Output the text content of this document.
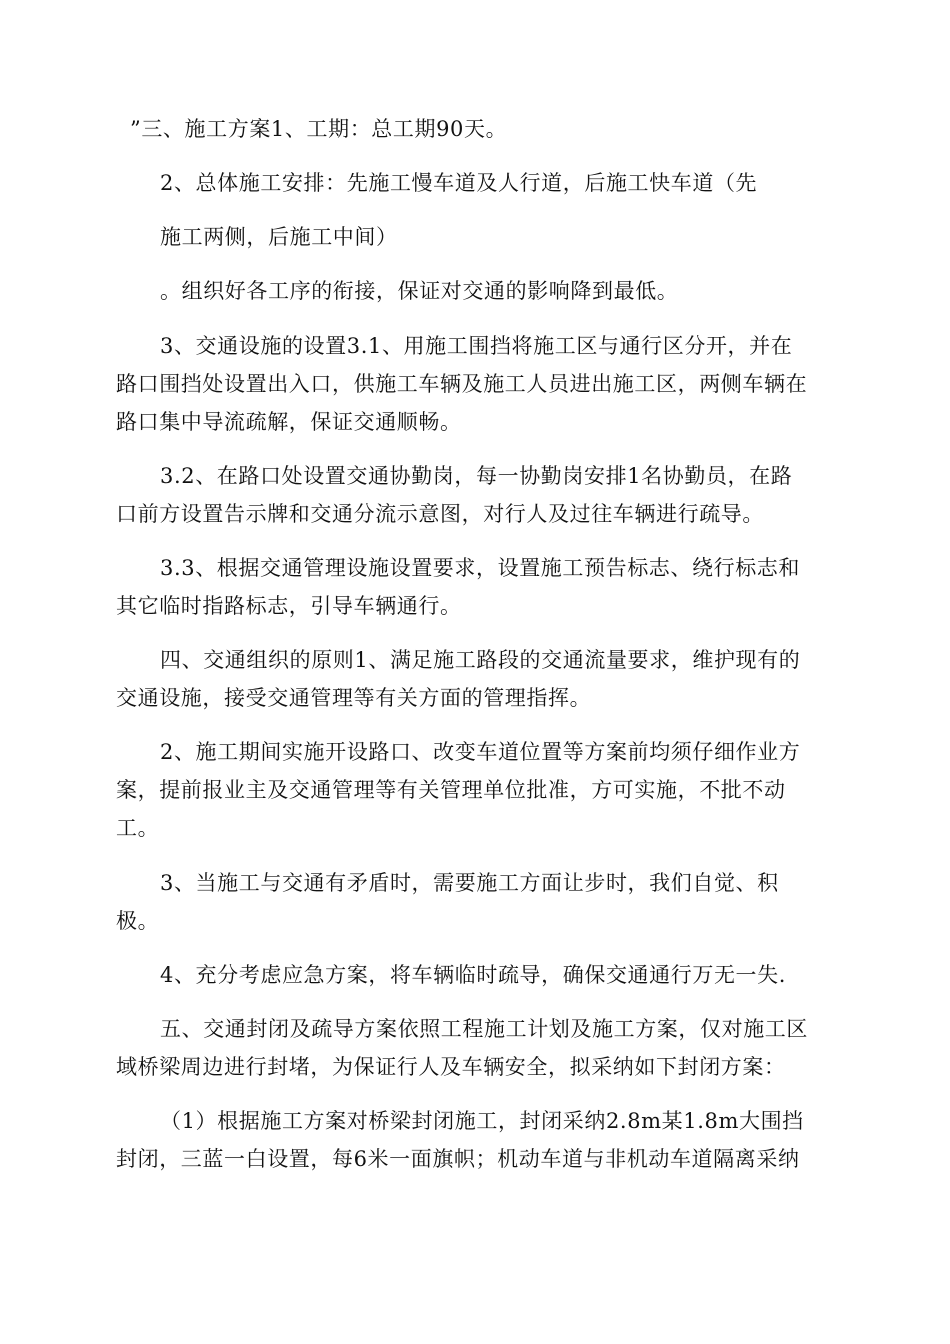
”三、施工方案1、工期：总工期90天。
2、总体施工安排：先施工慢车道及人行道，后施工快车道（先
施工两侧，后施工中间）
。组织好各工序的衔接，保证对交通的影响降到最低。
3、交通设施的设置3.1、用施工围挡将施工区与通行区分开，并在
路口围挡处设置出入口，供施工车辆及施工人员进出施工区，两侧车辆在
路口集中导流疏解，保证交通顺畅。
3.2、在路口处设置交通协勤岗，每一协勤岗安排1名协勤员，在路
口前方设置告示牌和交通分流示意图，对行人及过往车辆进行疏导。
3.3、根据交通管理设施设置要求，设置施工预告标志、绕行标志和
其它临时指路标志，引导车辆通行。
四、交通组织的原则1、满足施工路段的交通流量要求，维护现有的
交通设施，接受交通管理等有关方面的管理指挥。
2、施工期间实施开设路口、改变车道位置等方案前均须仔细作业方
案，提前报业主及交通管理等有关管理单位批准，方可实施，不批不动
工。
3、当施工与交通有矛盾时，需要施工方面让步时，我们自觉、积
极。
4、充分考虑应急方案，将车辆临时疏导，确保交通通行万无一失.
五、交通封闭及疏导方案依照工程施工计划及施工方案，仅对施工区
域桥梁周边进行封堵，为保证行人及车辆安全，拟采纳如下封闭方案：
（1）根据施工方案对桥梁封闭施工，封闭采纳2.8m某1.8m大围挡
封闭，三蓝一白设置，每6米一面旗帜；机动车道与非机动车道隔离采纳
